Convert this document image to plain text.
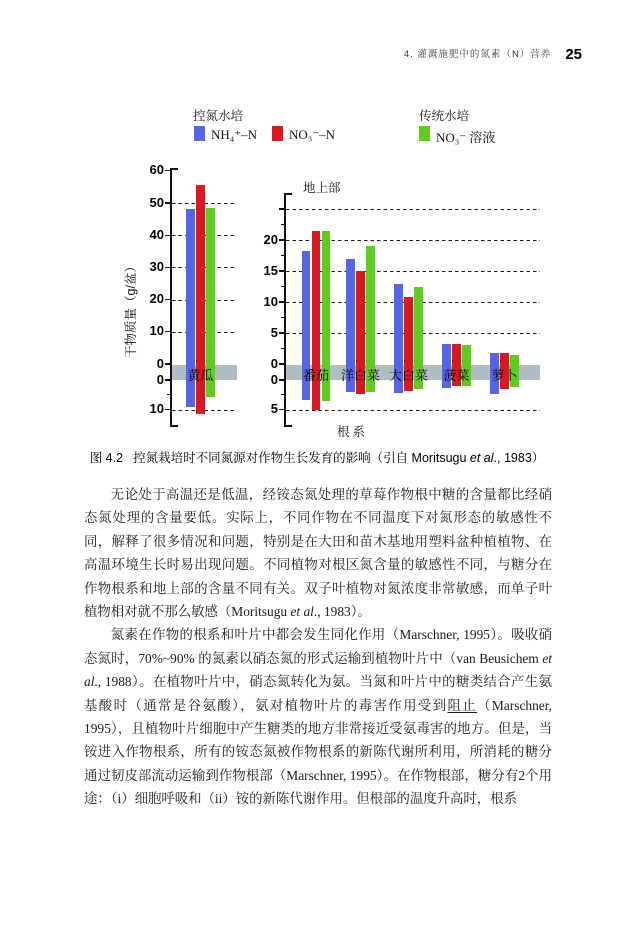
4. 灌溉施肥中的氮素（N）营养 25
控氮水培	传统水培
NH₄⁺–N NO₃⁻–N	NO₃⁻ 溶液
干物质量（g/盆）
地上部
根系
黄瓜
0
10
20
30
40
50
60
0
10
番茄 洋白菜 大白菜	菠菜	萝卜
0
5
10
15
20
0
5
图 4.2 控氮栽培时不同氮源对作物生长发育的影响（引自 Moritsugu et al., 1983）

无论处于高温还是低温，经铵态氮处理的草莓作物根中糖的含量都比经硝态氮处理的含量要低。实际上，不同作物在不同温度下对氮形态的敏感性不同，解释了很多情况和问题，特别是在大田和苗木基地用塑料盆种植植物、在高温环境生长时易出现问题。不同植物对根区氮含量的敏感性不同，与糖分在作物根系和地上部的含量不同有关。双子叶植物对氮浓度非常敏感，而单子叶植物相对就不那么敏感（Moritsugu et al., 1983）。

氮素在作物的根系和叶片中都会发生同化作用（Marschner, 1995）。吸收硝态氮时，70%~90% 的氮素以硝态氮的形式运输到植物叶片中（van Beusichem et al., 1988）。在植物叶片中，硝态氮转化为氨。当氮和叶片中的糖类结合产生氨基酸时（通常是谷氨酸），氨对植物叶片的毒害作用受到阻止（Marschner, 1995），且植物叶片细胞中产生糖类的地方非常接近受氨毒害的地方。但是，当铵进入作物根系，所有的铵态氮被作物根系的新陈代谢所利用，所消耗的糖分通过韧皮部流动运输到作物根部（Marschner, 1995）。在作物根部，糖分有2个用途：（i）细胞呼吸和（ii）铵的新陈代谢作用。但根部的温度升高时，根系
